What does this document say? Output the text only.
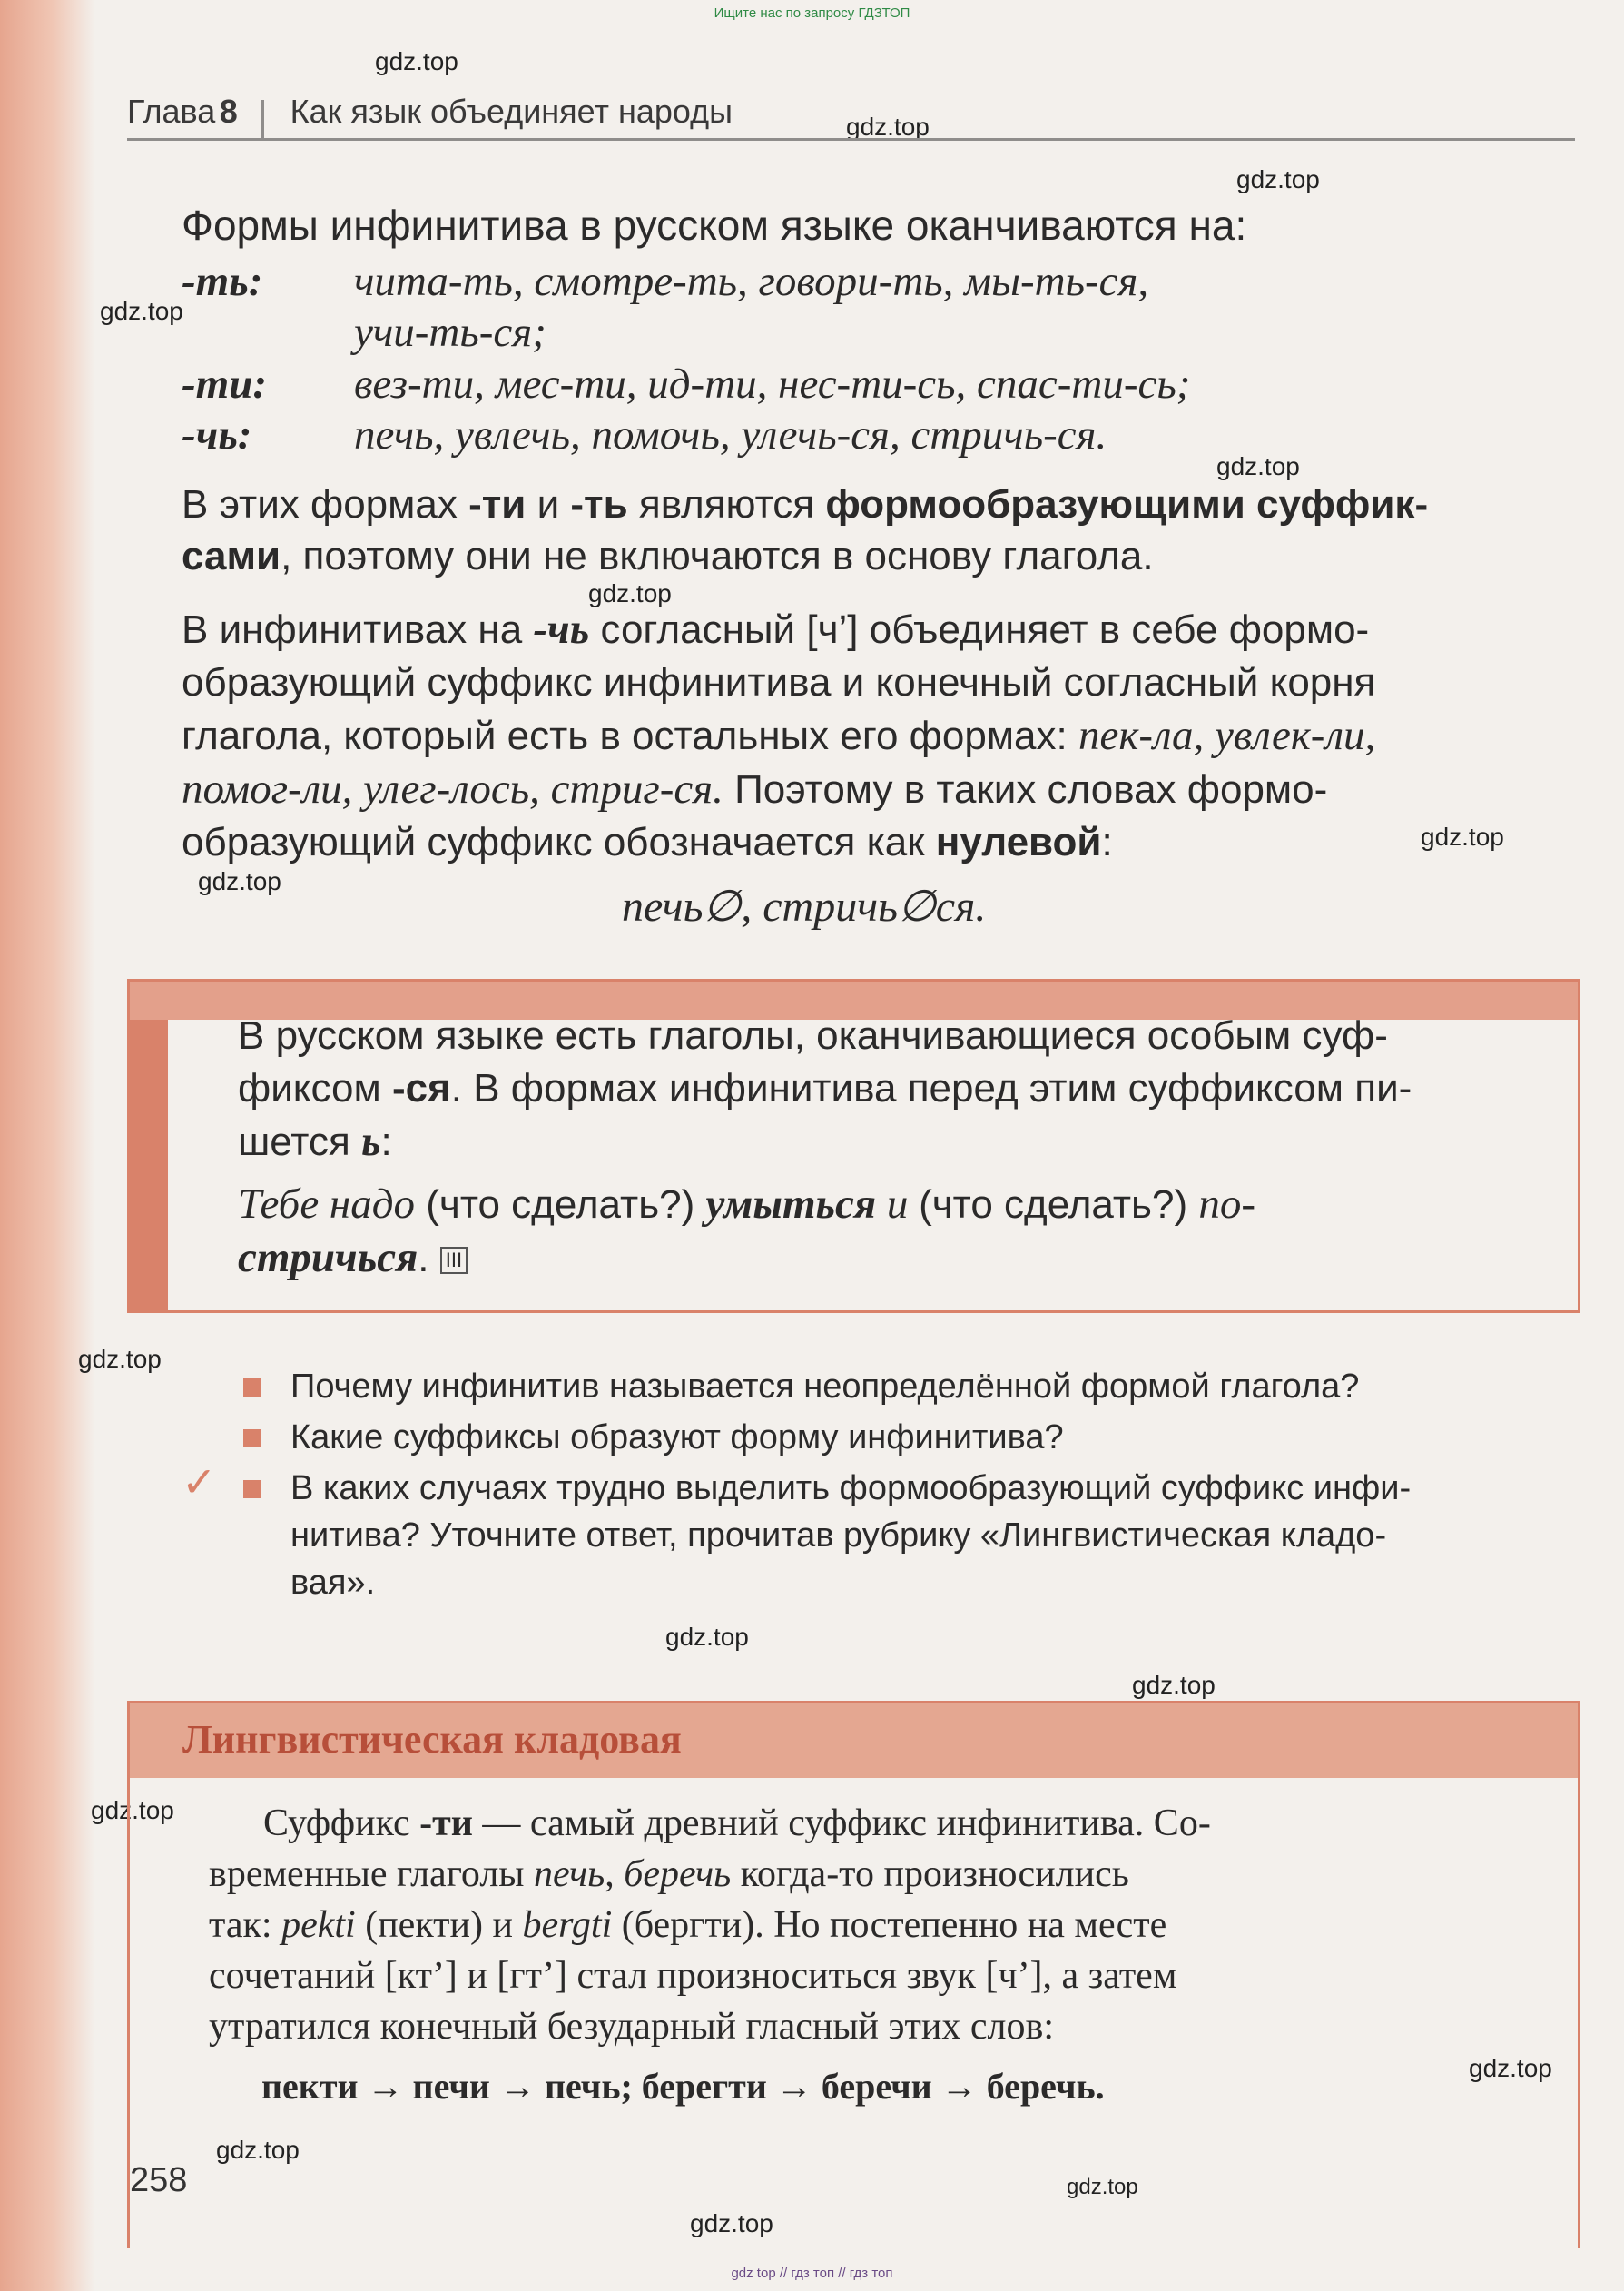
Ищите нас по запросу ГДЗТОП
gdz.top
gdz.top
gdz.top
gdz.top
gdz.top
gdz.top
gdz.top
gdz.top
gdz.top
gdz.top
gdz.top
gdz.top
gdz.top
gdz.top
gdz.top
gdz.top
Глава 8 Как язык объединяет народы
Формы инфинитива в русском языке оканчиваются на:
-ть: чита-ть, смотре-ть, говори-ть, мы-ть-ся,
учи-ть-ся;
-ти: вез-ти, мес-ти, ид-ти, нес-ти-сь, спас-ти-сь;
-чь: печь, увлечь, помочь, улечь-ся, стричь-ся.
В этих формах -ти и -ть являются формообразующими суффик-
сами, поэтому они не включаются в основу глагола.
В инфинитивах на -чь согласный [ч’] объединяет в себе формо-
образующий суффикс инфинитива и конечный согласный корня
глагола, который есть в остальных его формах: пек-ла, увлек-ли,
помог-ли, улег-лось, стриг-ся. Поэтому в таких словах формо-
образующий суффикс обозначается как нулевой:
печь∅, стричь∅ся.
В русском языке есть глаголы, оканчивающиеся особым суф-
фиксом -ся. В формах инфинитива перед этим суффиксом пи-
шется ь:
Тебе надо (что сделать?) умыться и (что сделать?) по-
стричься. III
Почему инфинитив называется неопределённой формой глагола?
Какие суффиксы образуют форму инфинитива?
✓ В каких случаях трудно выделить формообразующий суффикс инфи-
нитива? Уточните ответ, прочитав рубрику «Лингвистическая кладо-
вая».
Лингвистическая кладовая
Суффикс -ти — самый древний суффикс инфинитива. Со-
временные глаголы печь, беречь когда-то произносились
так: pekti (пекти) и bergti (бергти). Но постепенно на месте
сочетаний [кт’] и [гт’] стал произноситься звук [ч’], а затем
утратился конечный безударный гласный этих слов:
пекти → печи → печь; берегти → беречи → беречь.
258
gdz top // гдз топ // гдз топ
